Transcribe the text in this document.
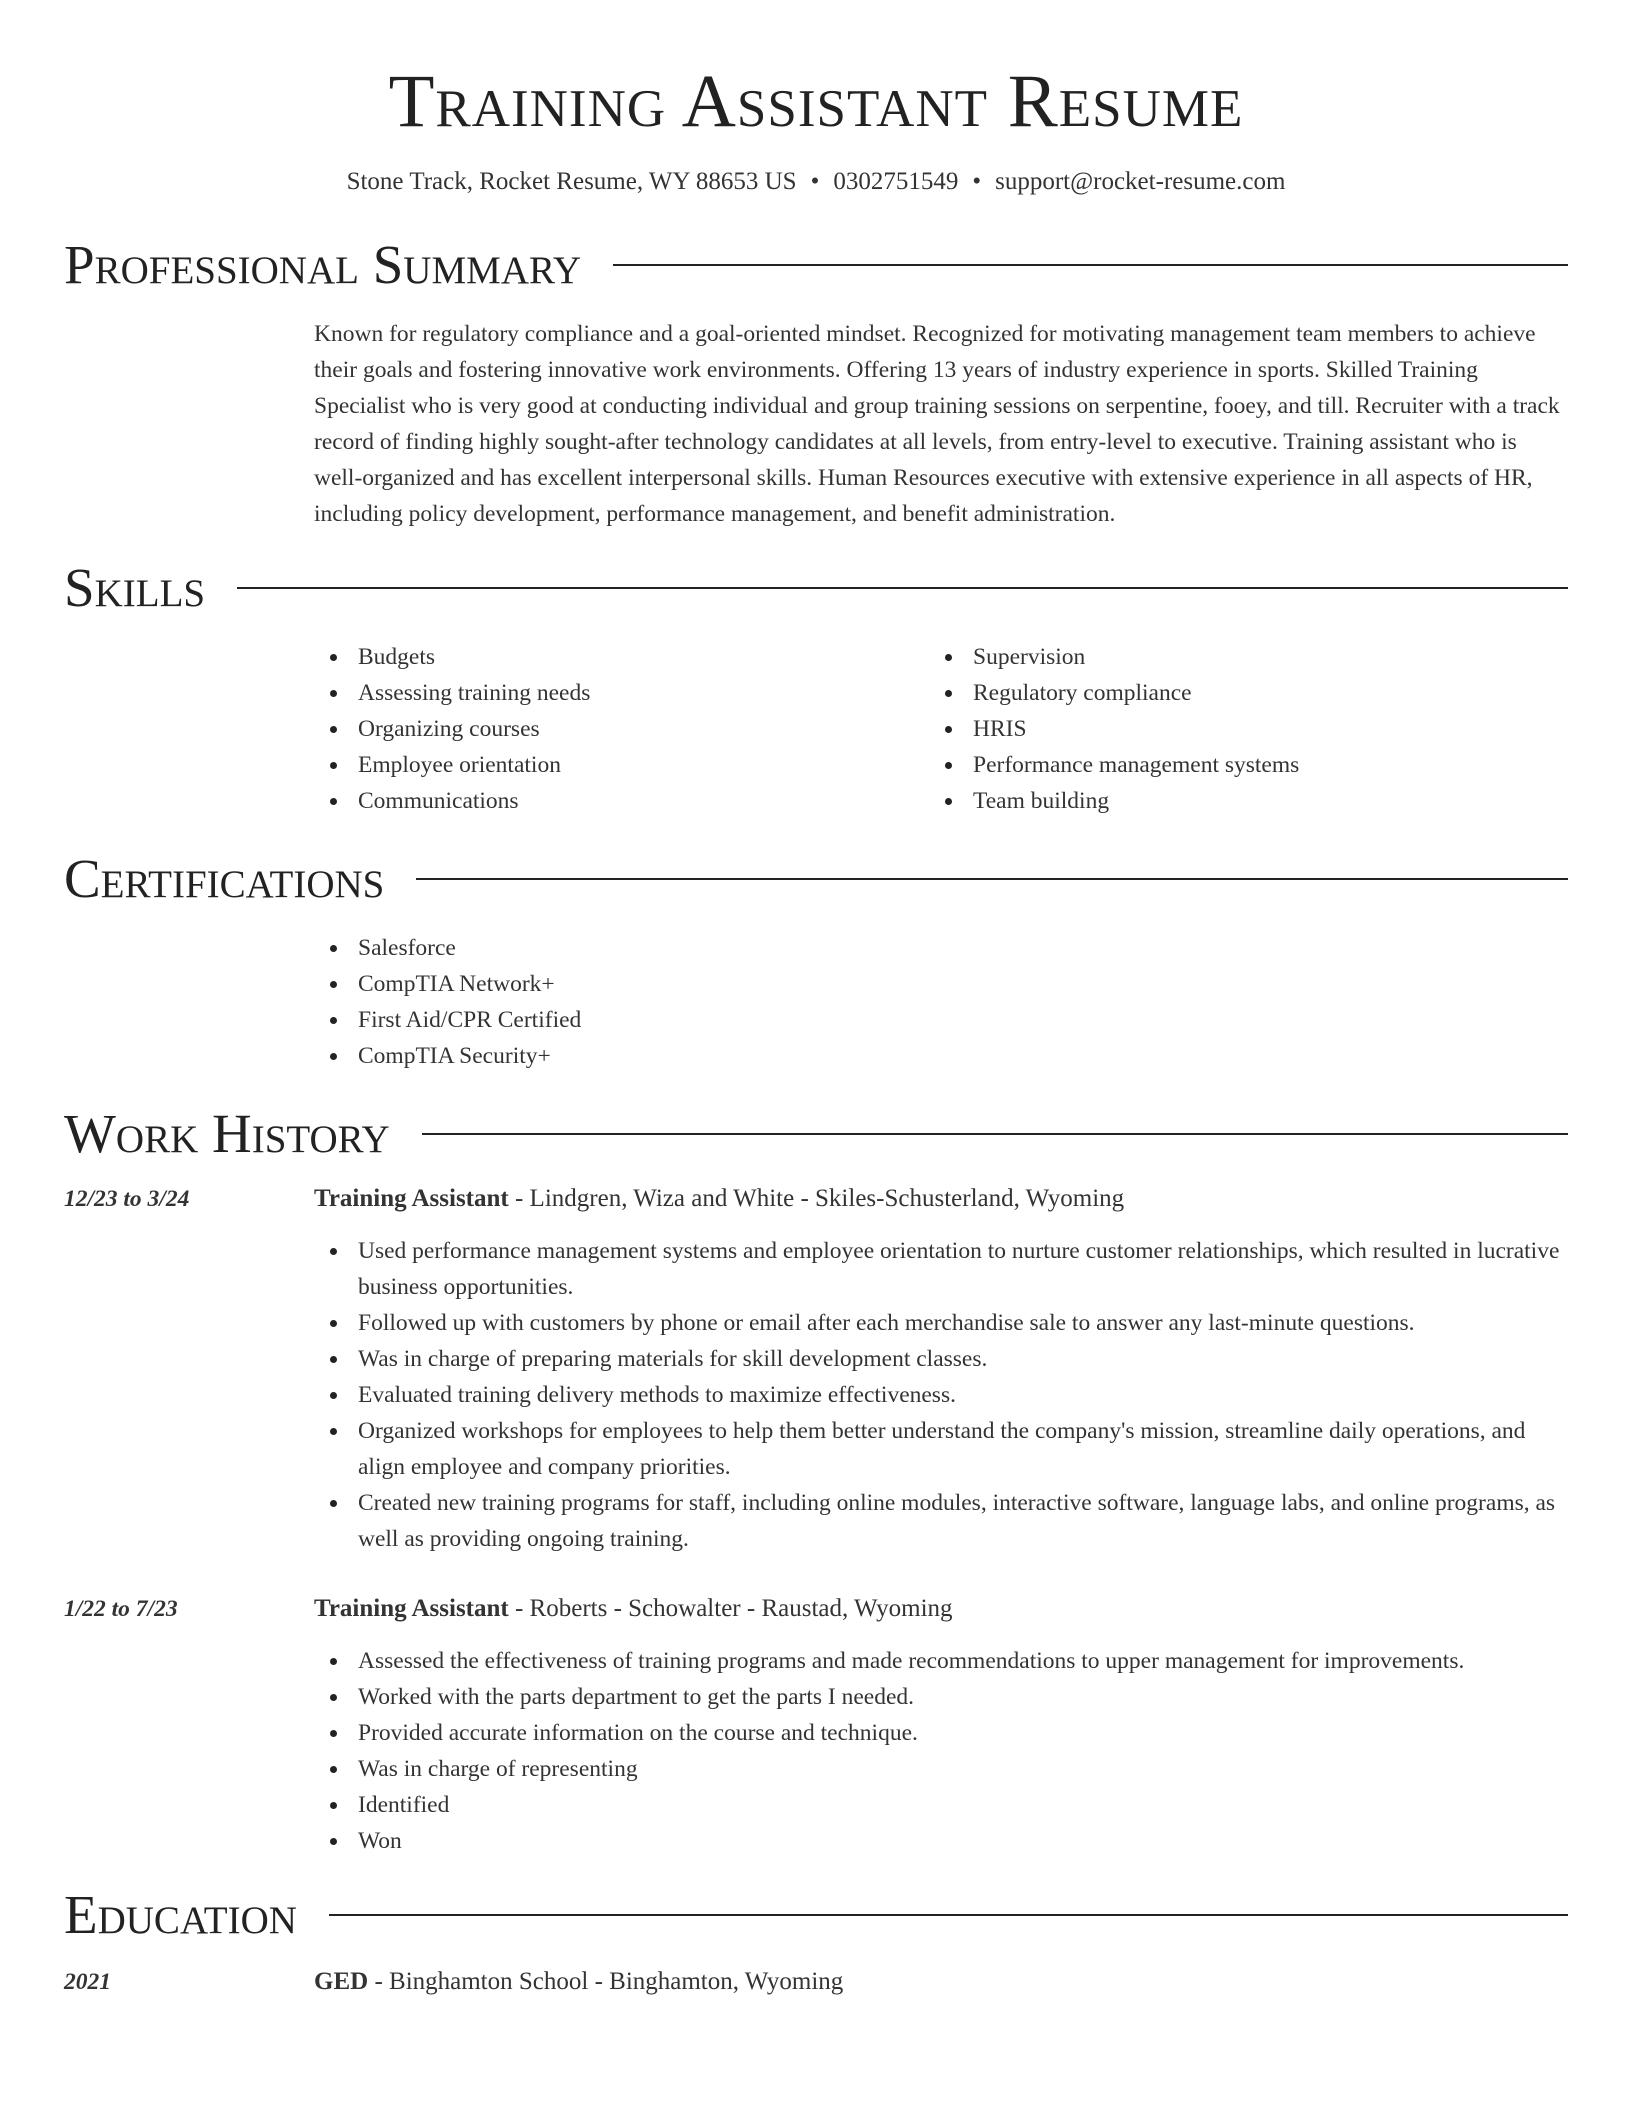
Training Assistant Resume
Stone Track, Rocket Resume, WY 88653 US • 0302751549 • support@rocket-resume.com
Professional Summary
Known for regulatory compliance and a goal-oriented mindset. Recognized for motivating management team members to achieve their goals and fostering innovative work environments. Offering 13 years of industry experience in sports. Skilled Training Specialist who is very good at conducting individual and group training sessions on serpentine, fooey, and till. Recruiter with a track record of finding highly sought-after technology candidates at all levels, from entry-level to executive. Training assistant who is well-organized and has excellent interpersonal skills. Human Resources executive with extensive experience in all aspects of HR, including policy development, performance management, and benefit administration.
Skills
Budgets
Assessing training needs
Organizing courses
Employee orientation
Communications
Supervision
Regulatory compliance
HRIS
Performance management systems
Team building
Certifications
Salesforce
CompTIA Network+
First Aid/CPR Certified
CompTIA Security+
Work History
12/23 to 3/24	Training Assistant - Lindgren, Wiza and White - Skiles-Schusterland, Wyoming
Used performance management systems and employee orientation to nurture customer relationships, which resulted in lucrative business opportunities.
Followed up with customers by phone or email after each merchandise sale to answer any last-minute questions.
Was in charge of preparing materials for skill development classes.
Evaluated training delivery methods to maximize effectiveness.
Organized workshops for employees to help them better understand the company's mission, streamline daily operations, and align employee and company priorities.
Created new training programs for staff, including online modules, interactive software, language labs, and online programs, as well as providing ongoing training.
1/22 to 7/23	Training Assistant - Roberts - Schowalter - Raustad, Wyoming
Assessed the effectiveness of training programs and made recommendations to upper management for improvements.
Worked with the parts department to get the parts I needed.
Provided accurate information on the course and technique.
Was in charge of representing
Identified
Won
Education
2021	GED - Binghamton School - Binghamton, Wyoming
